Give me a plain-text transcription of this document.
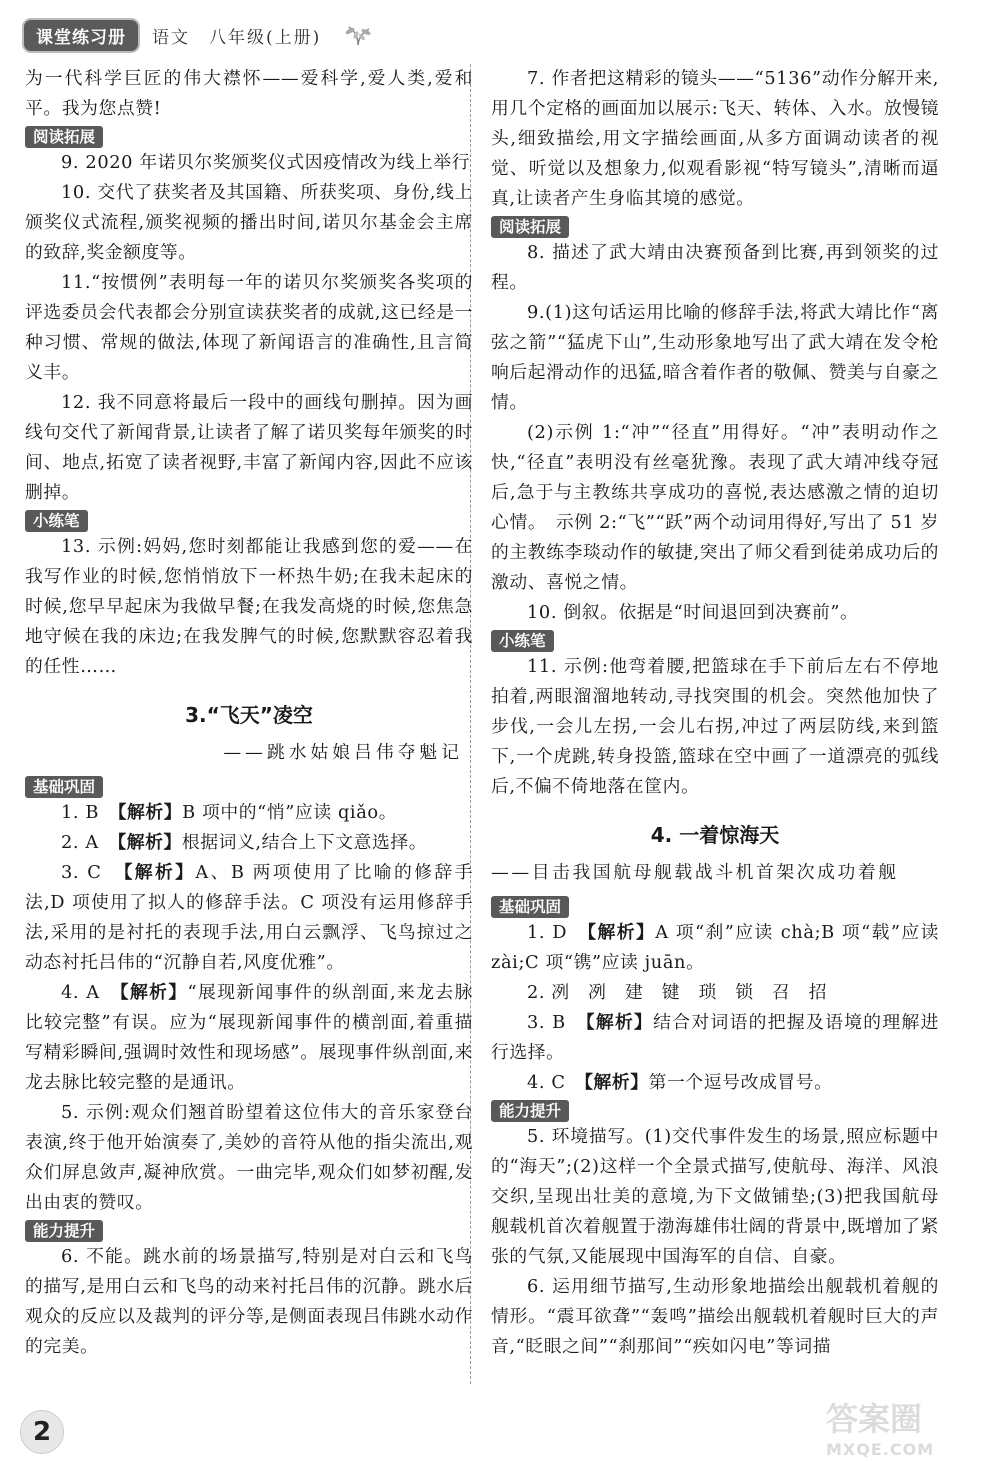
课堂练习册	语文　八年级(上册)

为一代科学巨匠的伟大襟怀——爱科学,爱人类,爱和平。我为您点赞!

阅读拓展

9. 2020 年诺贝尔奖颁奖仪式因疫情改为线上举行

10. 交代了获奖者及其国籍、所获奖项、身份,线上颁奖仪式流程,颁奖视频的播出时间,诺贝尔基金会主席的致辞,奖金额度等。

11.“按惯例”表明每一年的诺贝尔奖颁奖各奖项的评选委员会代表都会分别宣读获奖者的成就,这已经是一种习惯、常规的做法,体现了新闻语言的准确性,且言简义丰。

12. 我不同意将最后一段中的画线句删掉。因为画线句交代了新闻背景,让读者了解了诺贝奖每年颁奖的时间、地点,拓宽了读者视野,丰富了新闻内容,因此不应该删掉。

小练笔

13. 示例:妈妈,您时刻都能让我感到您的爱——在我写作业的时候,您悄悄放下一杯热牛奶;在我未起床的时候,您早早起床为我做早餐;在我发高烧的时候,您焦急地守候在我的床边;在我发脾气的时候,您默默容忍着我的任性……

3.“飞天”凌空

——跳水姑娘吕伟夺魁记

基础巩固

1. B　【解析】B 项中的“悄”应读 qiǎo。

2. A　【解析】根据词义,结合上下文意选择。

3. C　【解析】A、B 两项使用了比喻的修辞手法,D 项使用了拟人的修辞手法。C 项没有运用修辞手法,采用的是衬托的表现手法,用白云飘浮、飞鸟掠过之动态衬托吕伟的“沉静自若,风度优雅”。

4. A　【解析】“展现新闻事件的纵剖面,来龙去脉比较完整”有误。应为“展现新闻事件的横剖面,着重描写精彩瞬间,强调时效性和现场感”。展现事件纵剖面,来龙去脉比较完整的是通讯。

5. 示例:观众们翘首盼望着这位伟大的音乐家登台表演,终于他开始演奏了,美妙的音符从他的指尖流出,观众们屏息敛声,凝神欣赏。一曲完毕,观众们如梦初醒,发出由衷的赞叹。

能力提升

6. 不能。跳水前的场景描写,特别是对白云和飞鸟的描写,是用白云和飞鸟的动来衬托吕伟的沉静。跳水后观众的反应以及裁判的评分等,是侧面表现吕伟跳水动作的完美。

7. 作者把这精彩的镜头——“5136”动作分解开来,用几个定格的画面加以展示:飞天、转体、入水。放慢镜头,细致描绘,用文字描绘画面,从多方面调动读者的视觉、听觉以及想象力,似观看影视“特写镜头”,清晰而逼真,让读者产生身临其境的感觉。

阅读拓展

8. 描述了武大靖由决赛预备到比赛,再到领奖的过程。

9.(1)这句话运用比喻的修辞手法,将武大靖比作“离弦之箭”“猛虎下山”,生动形象地写出了武大靖在发令枪响后起滑动作的迅猛,暗含着作者的敬佩、赞美与自豪之情。

(2)示例 1:“冲”“径直”用得好。“冲”表明动作之快,“径直”表明没有丝毫犹豫。表现了武大靖冲线夺冠后,急于与主教练共享成功的喜悦,表达感激之情的迫切心情。　示例 2:“飞”“跃”两个动词用得好,写出了 51 岁的主教练李琰动作的敏捷,突出了师父看到徒弟成功后的激动、喜悦之情。

10. 倒叙。依据是“时间退回到决赛前”。

小练笔

11. 示例:他弯着腰,把篮球在手下前后左右不停地拍着,两眼溜溜地转动,寻找突围的机会。突然他加快了步伐,一会儿左拐,一会儿右拐,冲过了两层防线,来到篮下,一个虎跳,转身投篮,篮球在空中画了一道漂亮的弧线后,不偏不倚地落在筐内。

4. 一着惊海天

——目击我国航母舰载战斗机首架次成功着舰

基础巩固

1. D　【解析】A 项“刹”应读 chà;B 项“载”应读 zài;C 项“镌”应读 juān。

2. 冽　冽　建　键　琐　锁　召　招

3. B　【解析】结合对词语的把握及语境的理解进行选择。

4. C　【解析】第一个逗号改成冒号。

能力提升

5. 环境描写。(1)交代事件发生的场景,照应标题中的“海天”;(2)这样一个全景式描写,使航母、海洋、风浪交织,呈现出壮美的意境,为下文做铺垫;(3)把我国航母舰载机首次着舰置于渤海雄伟壮阔的背景中,既增加了紧张的气氛,又能展现中国海军的自信、自豪。

6. 运用细节描写,生动形象地描绘出舰载机着舰的情形。“震耳欲聋”“轰鸣”描绘出舰载机着舰时巨大的声音,“眨眼之间”“刹那间”“疾如闪电”等词描

2	答案圈
MXQE.COM
